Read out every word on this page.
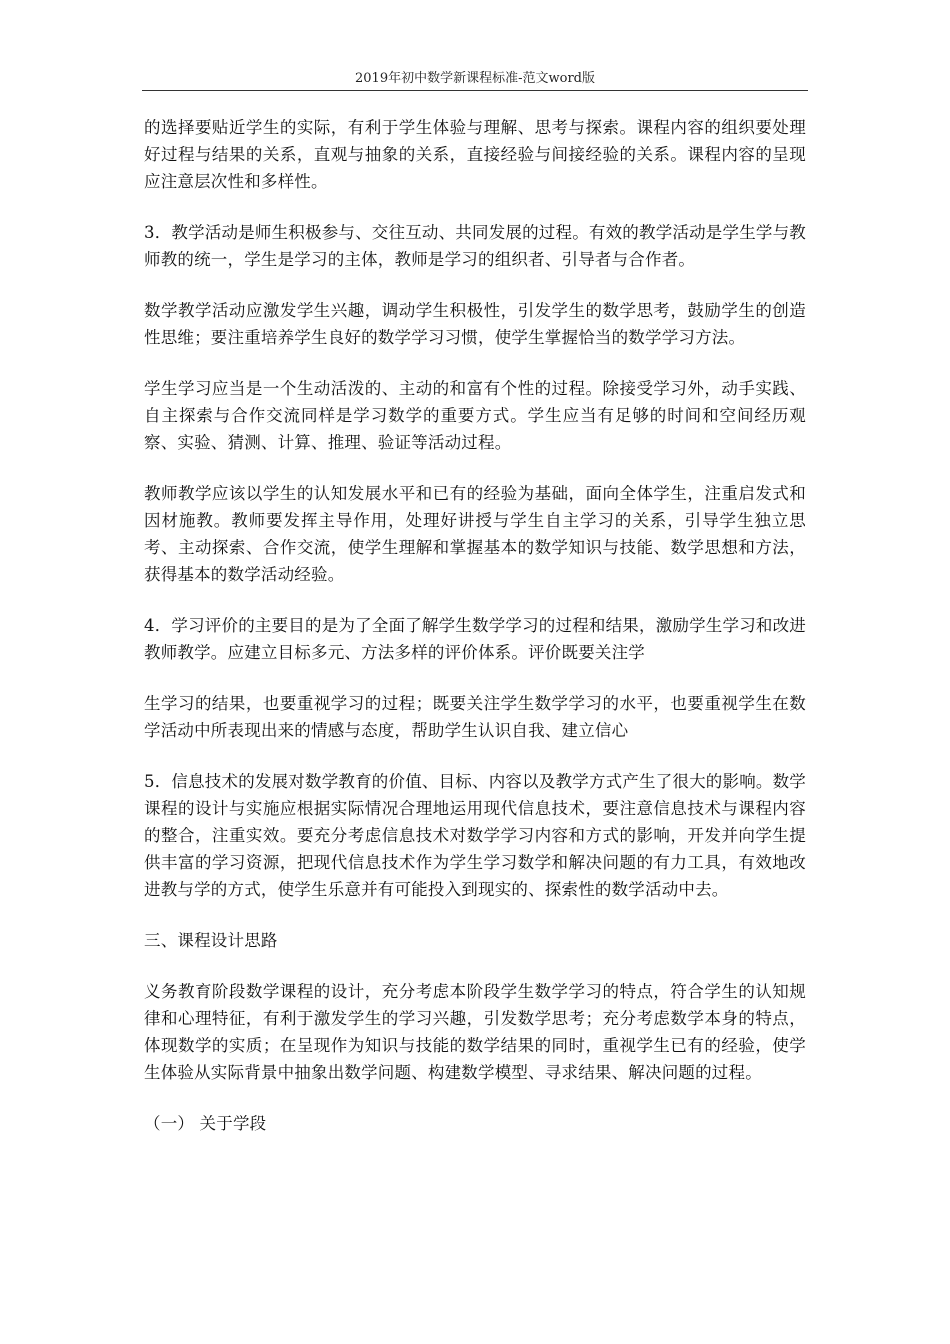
2019年初中数学新课程标准-范文word版

的选择要贴近学生的实际，有利于学生体验与理解、思考与探索。课程内容的组织要处理好过程与结果的关系，直观与抽象的关系，直接经验与间接经验的关系。课程内容的呈现应注意层次性和多样性。

3．教学活动是师生积极参与、交往互动、共同发展的过程。有效的教学活动是学生学与教师教的统一，学生是学习的主体，教师是学习的组织者、引导者与合作者。

数学教学活动应激发学生兴趣，调动学生积极性，引发学生的数学思考，鼓励学生的创造性思维；要注重培养学生良好的数学学习习惯，使学生掌握恰当的数学学习方法。

学生学习应当是一个生动活泼的、主动的和富有个性的过程。除接受学习外，动手实践、自主探索与合作交流同样是学习数学的重要方式。学生应当有足够的时间和空间经历观察、实验、猜测、计算、推理、验证等活动过程。

教师教学应该以学生的认知发展水平和已有的经验为基础，面向全体学生，注重启发式和因材施教。教师要发挥主导作用，处理好讲授与学生自主学习的关系，引导学生独立思考、主动探索、合作交流，使学生理解和掌握基本的数学知识与技能、数学思想和方法，获得基本的数学活动经验。

4．学习评价的主要目的是为了全面了解学生数学学习的过程和结果，激励学生学习和改进教师教学。应建立目标多元、方法多样的评价体系。评价既要关注学

生学习的结果，也要重视学习的过程；既要关注学生数学学习的水平，也要重视学生在数学活动中所表现出来的情感与态度，帮助学生认识自我、建立信心

5．信息技术的发展对数学教育的价值、目标、内容以及教学方式产生了很大的影响。数学课程的设计与实施应根据实际情况合理地运用现代信息技术，要注意信息技术与课程内容的整合，注重实效。要充分考虑信息技术对数学学习内容和方式的影响，开发并向学生提供丰富的学习资源，把现代信息技术作为学生学习数学和解决问题的有力工具，有效地改进教与学的方式，使学生乐意并有可能投入到现实的、探索性的数学活动中去。

三、课程设计思路

义务教育阶段数学课程的设计，充分考虑本阶段学生数学学习的特点，符合学生的认知规律和心理特征，有利于激发学生的学习兴趣，引发数学思考；充分考虑数学本身的特点，体现数学的实质；在呈现作为知识与技能的数学结果的同时，重视学生已有的经验，使学生体验从实际背景中抽象出数学问题、构建数学模型、寻求结果、解决问题的过程。

（一） 关于学段
